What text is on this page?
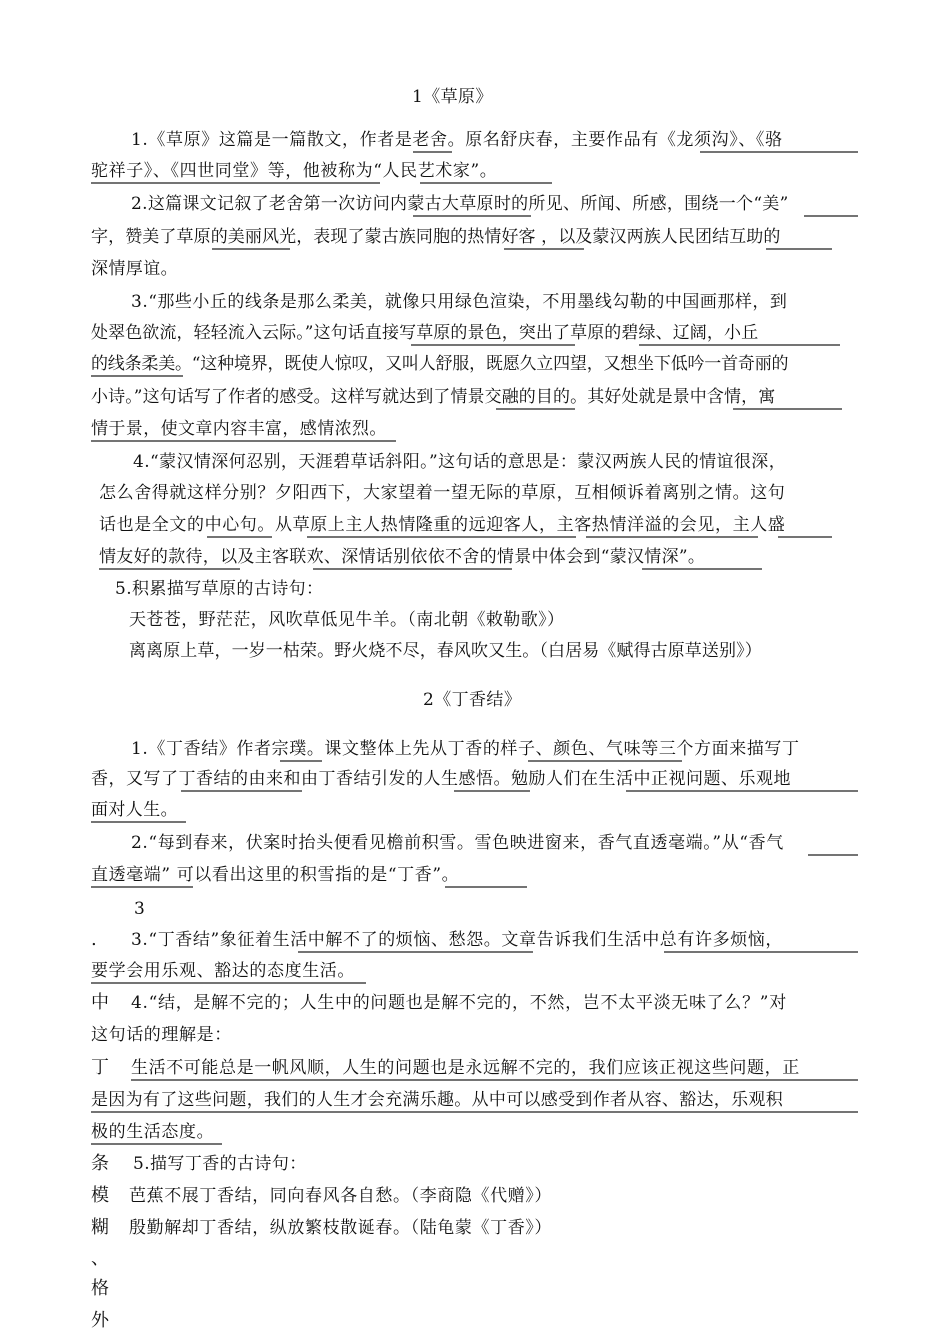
1《草原》
1.《草原》这篇是一篇散文，作者是老舍。原名舒庆春，主要作品有《龙须沟》、《骆
驼祥子》、《四世同堂》等，他被称为“人民艺术家”。
2.这篇课文记叙了老舍第一次访问内蒙古大草原时的所见、所闻、所感，围绕一个“美”
字，赞美了草原的美丽风光，表现了蒙古族同胞的热情好客 ，以及蒙汉两族人民团结互助的
深情厚谊。
3.“那些小丘的线条是那么柔美，就像只用绿色渲染，不用墨线勾勒的中国画那样，到
处翠色欲流，轻轻流入云际。”这句话直接写草原的景色，突出了草原的碧绿、辽阔，小丘
的线条柔美。“这种境界，既使人惊叹，又叫人舒服，既愿久立四望，又想坐下低吟一首奇丽的
小诗。”这句话写了作者的感受。这样写就达到了情景交融的目的。其好处就是景中含情，寓
情于景，使文章内容丰富，感情浓烈。
4.“蒙汉情深何忍别，天涯碧草话斜阳。”这句话的意思是：蒙汉两族人民的情谊很深，
怎么舍得就这样分别？夕阳西下，大家望着一望无际的草原，互相倾诉着离别之情。这句
话也是全文的中心句。从草原上主人热情隆重的远迎客人，主客热情洋溢的会见，主人盛
情友好的款待，以及主客联欢、深情话别依依不舍的情景中体会到“蒙汉情深”。
5.积累描写草原的古诗句：
天苍苍，野茫茫，风吹草低见牛羊。（南北朝《敕勒歌》）
离离原上草，一岁一枯荣。野火烧不尽，春风吹又生。（白居易《赋得古原草送别》）
2《丁香结》
1.《丁香结》作者宗璞。课文整体上先从丁香的样子、颜色、气味等三个方面来描写丁
香，又写了丁香结的由来和由丁香结引发的人生感悟。勉励人们在生活中正视问题、乐观地
面对人生。
2.“每到春来，伏案时抬头便看见檐前积雪。雪色映进窗来，香气直透毫端。”从“香气
直透毫端” 可以看出这里的积雪指的是“丁香”。
3
3.“丁香结”象征着生活中解不了的烦恼、愁怨。文章告诉我们生活中总有许多烦恼，
要学会用乐观、豁达的态度生活。
4.“结，是解不完的；人生中的问题也是解不完的，不然，岂不太平淡无味了么？”对
这句话的理解是：
生活不可能总是一帆风顺，人生的问题也是永远解不完的，我们应该正视这些问题，正
是因为有了这些问题，我们的人生才会充满乐趣。从中可以感受到作者从容、豁达，乐观积
极的生活态度。
5.描写丁香的古诗句：
芭蕉不展丁香结，同向春风各自愁。（李商隐《代赠》）
殷勤解却丁香结，纵放繁枝散诞春。（陆龟蒙《丁香》）
.
中
丁
条
模
糊
、
格
外
